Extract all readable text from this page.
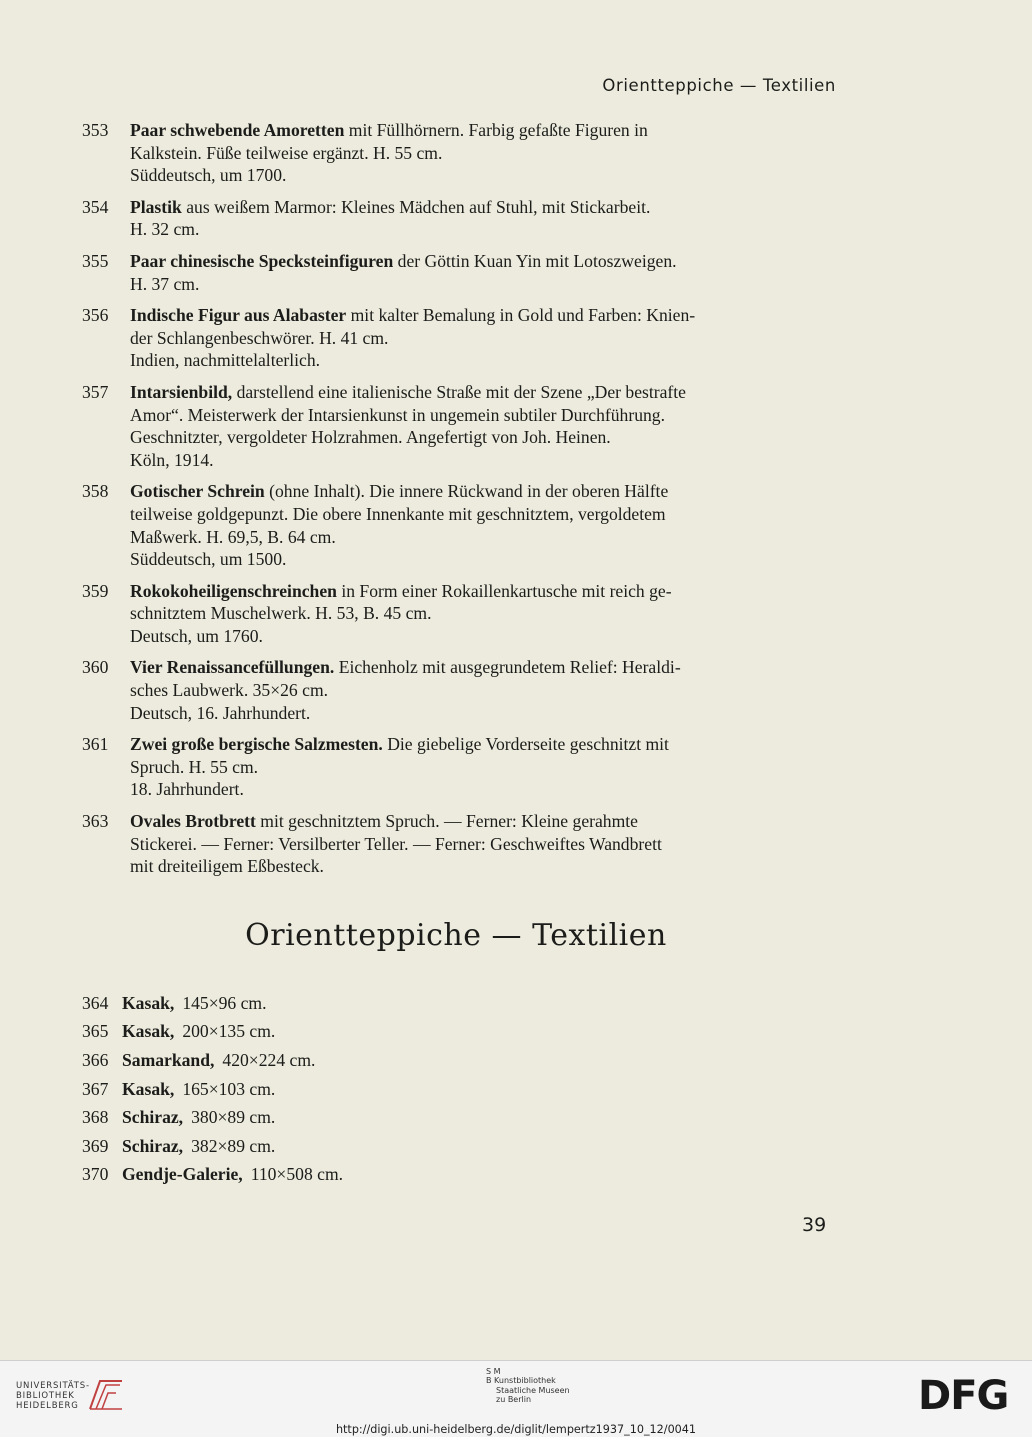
Orientteppiche — Textilien
353	Paar schwebende Amoretten mit Füllhörnern. Farbig gefaßte Figuren in
Kalkstein. Füße teilweise ergänzt. H. 55 cm.
Süddeutsch, um 1700.
354	Plastik aus weißem Marmor: Kleines Mädchen auf Stuhl, mit Stickarbeit.
H. 32 cm.
355	Paar chinesische Specksteinfiguren der Göttin Kuan Yin mit Lotoszweigen.
H. 37 cm.
356	Indische Figur aus Alabaster mit kalter Bemalung in Gold und Farben: Knien-
der Schlangenbeschwörer. H. 41 cm.
Indien, nachmittelalterlich.
357	Intarsienbild, darstellend eine italienische Straße mit der Szene „Der bestrafte
Amor“. Meisterwerk der Intarsienkunst in ungemein subtiler Durchführung.
Geschnitzter, vergoldeter Holzrahmen. Angefertigt von Joh. Heinen.
Köln, 1914.
358	Gotischer Schrein (ohne Inhalt). Die innere Rückwand in der oberen Hälfte
teilweise goldgepunzt. Die obere Innenkante mit geschnitztem, vergoldetem
Maßwerk. H. 69,5, B. 64 cm.
Süddeutsch, um 1500.
359	Rokokoheiligenschreinchen in Form einer Rokaillenkartusche mit reich ge-
schnitztem Muschelwerk. H. 53, B. 45 cm.
Deutsch, um 1760.
360	Vier Renaissancefüllungen. Eichenholz mit ausgegrundetem Relief: Heraldi-
sches Laubwerk. 35×26 cm.
Deutsch, 16. Jahrhundert.
361	Zwei große bergische Salzmesten. Die giebelige Vorderseite geschnitzt mit
Spruch. H. 55 cm.
18. Jahrhundert.
363	Ovales Brotbrett mit geschnitztem Spruch. — Ferner: Kleine gerahmte
Stickerei. — Ferner: Versilberter Teller. — Ferner: Geschweiftes Wandbrett
mit dreiteiligem Eßbesteck.
Orientteppiche — Textilien
364 Kasak, 145×96 cm.
365 Kasak, 200×135 cm.
366 Samarkand, 420×224 cm.
367 Kasak, 165×103 cm.
368 Schiraz, 380×89 cm.
369 Schiraz, 382×89 cm.
370 Gendje-Galerie, 110×508 cm.
39
UNIVERSITÄTS-
BIBLIOTHEK
HEIDELBERG
S M
B Kunstbibliothek
Staatliche Museen
zu Berlin
http://digi.ub.uni-heidelberg.de/diglit/lempertz1937_10_12/0041
DFG
